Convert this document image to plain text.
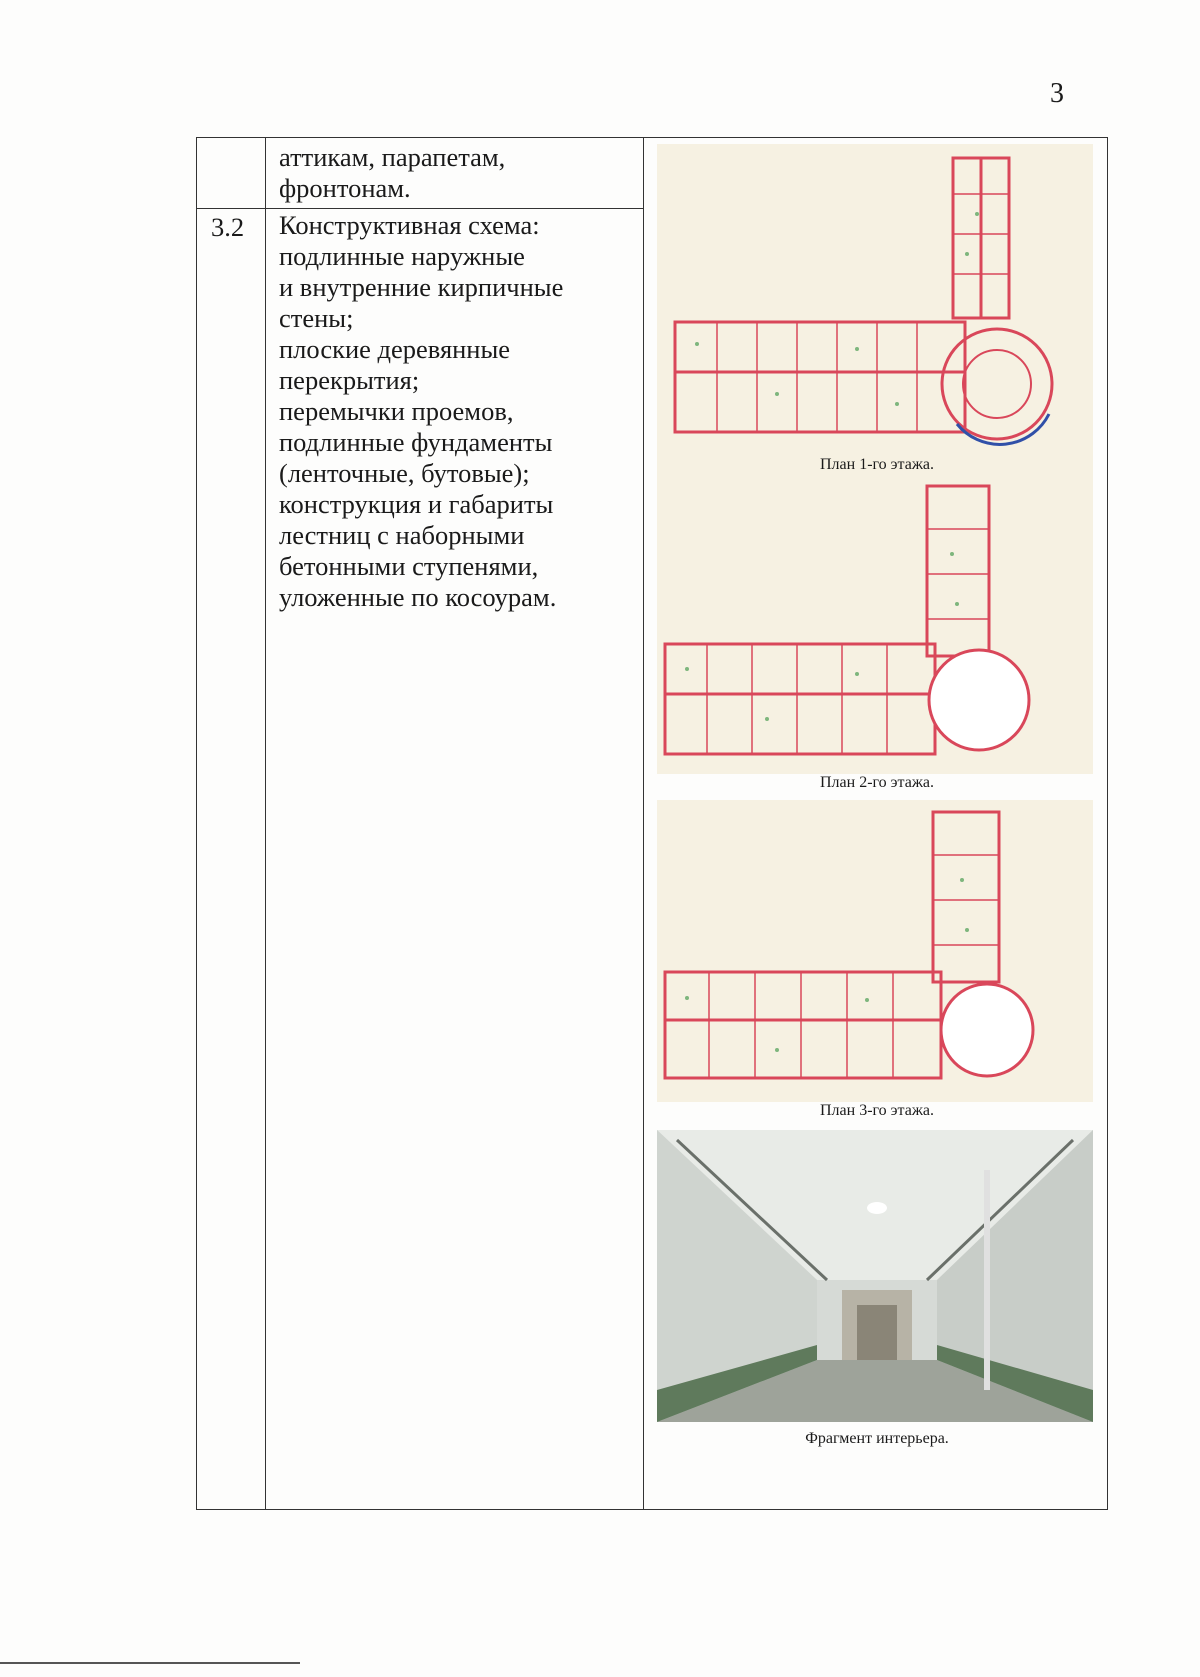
3
3.2
аттикам, парапетам,
фронтонам.
Конструктивная схема:
подлинные наружные
и внутренние кирпичные
стены;
плоские деревянные
перекрытия;
перемычки проемов,
подлинные фундаменты
(ленточные, бутовые);
конструкция и габариты
лестниц с наборными
бетонными ступенями,
уложенные по косоурам.
План 1-го этажа.
План 2-го этажа.
План 3-го этажа.
Фрагмент интерьера.
